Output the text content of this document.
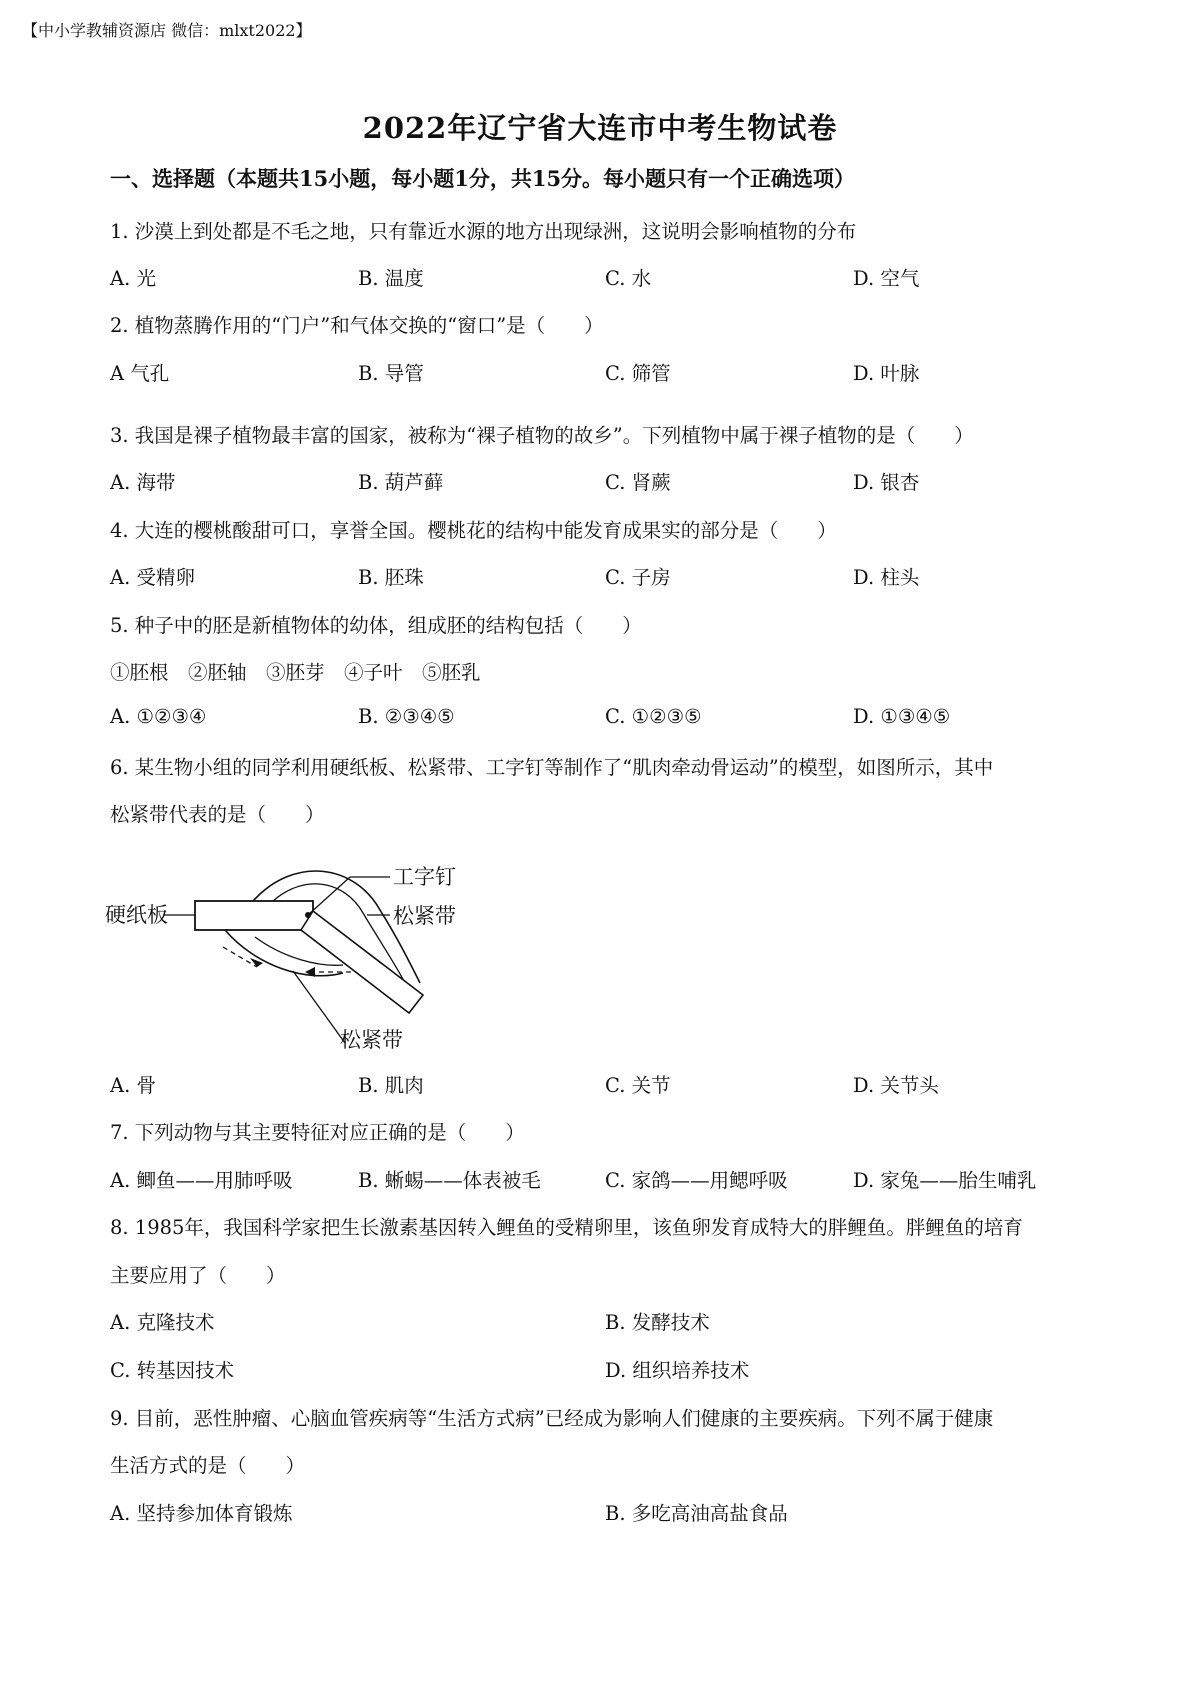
【中小学教辅资源店 微信：mlxt2022】
2022年辽宁省大连市中考生物试卷
一、选择题（本题共15小题，每小题1分，共15分。每小题只有一个正确选项）
1. 沙漠上到处都是不毛之地，只有靠近水源的地方出现绿洲，这说明会影响植物的分布
A. 光	B. 温度	C. 水	D. 空气
2. 植物蒸腾作用的“门户”和气体交换的“窗口”是（　　）
A 气孔	B. 导管	C. 筛管	D. 叶脉
3. 我国是裸子植物最丰富的国家，被称为“裸子植物的故乡”。下列植物中属于裸子植物的是（　　）
A. 海带	B. 葫芦藓	C. 肾蕨	D. 银杏
4. 大连的樱桃酸甜可口，享誉全国。樱桃花的结构中能发育成果实的部分是（　　）
A. 受精卵	B. 胚珠	C. 子房	D. 柱头
5. 种子中的胚是新植物体的幼体，组成胚的结构包括（　　）
①胚根　②胚轴　③胚芽　④子叶　⑤胚乳
A. ①②③④	B. ②③④⑤	C. ①②③⑤	D. ①③④⑤
6. 某生物小组的同学利用硬纸板、松紧带、工字钉等制作了“肌肉牵动骨运动”的模型，如图所示，其中
松紧带代表的是（　　）
硬纸板
工字钉
松紧带
松紧带
A. 骨	B. 肌肉	C. 关节	D. 关节头
7. 下列动物与其主要特征对应正确的是（　　）
A. 鲫鱼——用肺呼吸	B. 蜥蜴——体表被毛	C. 家鸽——用鳃呼吸	D. 家兔——胎生哺乳
8. 1985年，我国科学家把生长激素基因转入鲤鱼的受精卵里，该鱼卵发育成特大的胖鲤鱼。胖鲤鱼的培育
主要应用了（　　）
A. 克隆技术	B. 发酵技术
C. 转基因技术	D. 组织培养技术
9. 目前，恶性肿瘤、心脑血管疾病等“生活方式病”已经成为影响人们健康的主要疾病。下列不属于健康
生活方式的是（　　）
A. 坚持参加体育锻炼	B. 多吃高油高盐食品
